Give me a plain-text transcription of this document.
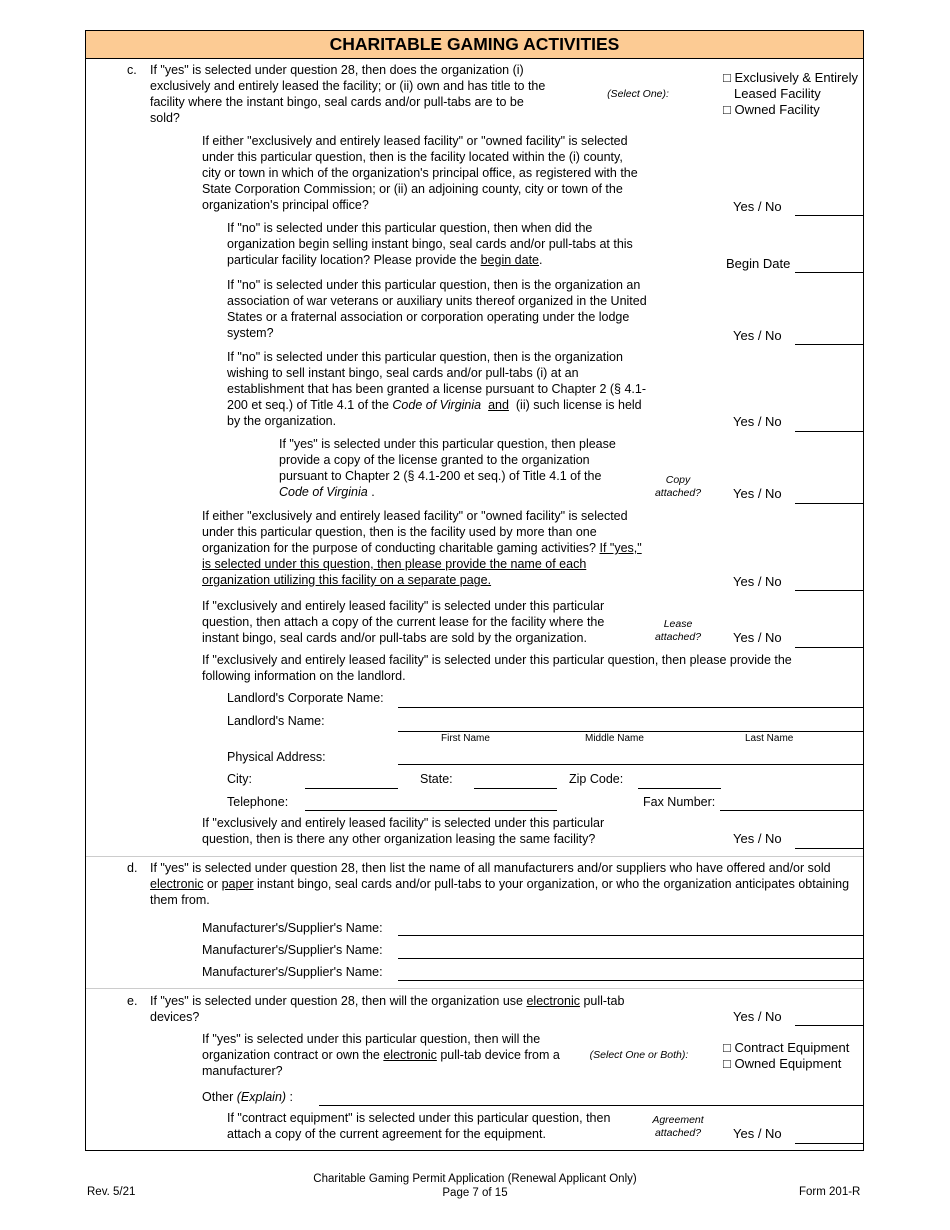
CHARITABLE GAMING ACTIVITIES
c. If "yes" is selected under question 28, then does the organization (i) exclusively and entirely leased the facility; or (ii) own and has title to the facility where the instant bingo, seal cards and/or pull-tabs are to be sold?
(Select One):
□ Exclusively & Entirely
Leased Facility
□ Owned Facility
If either "exclusively and entirely leased facility" or "owned facility" is selected under this particular question, then is the facility located within the (i) county, city or town in which of the organization's principal office, as registered with the State Corporation Commission; or (ii) an adjoining county, city or town of the organization's principal office?	Yes / No
If "no" is selected under this particular question, then when did the organization begin selling instant bingo, seal cards and/or pull-tabs at this particular facility location? Please provide the begin date.	Begin Date
If "no" is selected under this particular question, then is the organization an association of war veterans or auxiliary units thereof organized in the United States or a fraternal association or corporation operating under the lodge system?	Yes / No
If "no" is selected under this particular question, then is the organization wishing to sell instant bingo, seal cards and/or pull-tabs (i) at an establishment that has been granted a license pursuant to Chapter 2 (§ 4.1-200 et seq.) of Title 4.1 of the Code of Virginia and (ii) such license is held by the organization.	Yes / No
If "yes" is selected under this particular question, then please provide a copy of the license granted to the organization pursuant to Chapter 2 (§ 4.1-200 et seq.) of Title 4.1 of the Code of Virginia .
Copy
attached?	Yes / No
If either "exclusively and entirely leased facility" or "owned facility" is selected under this particular question, then is the facility used by more than one organization for the purpose of conducting charitable gaming activities? If "yes," is selected under this question, then please provide the name of each organization utilizing this facility on a separate page.	Yes / No
If "exclusively and entirely leased facility" is selected under this particular question, then attach a copy of the current lease for the facility where the instant bingo, seal cards and/or pull-tabs are sold by the organization.
Lease
attached?	Yes / No
If "exclusively and entirely leased facility" is selected under this particular question, then please provide the following information on the landlord.
Landlord's Corporate Name:
Landlord's Name:
First Name	Middle Name	Last Name
Physical Address:
City:	State:	Zip Code:
Telephone:	Fax Number:
If "exclusively and entirely leased facility" is selected under this particular question, then is there any other organization leasing the same facility?	Yes / No
d. If "yes" is selected under question 28, then list the name of all manufacturers and/or suppliers who have offered and/or sold electronic or paper instant bingo, seal cards and/or pull-tabs to your organization, or who the organization anticipates obtaining them from.
Manufacturer's/Supplier's Name:
Manufacturer's/Supplier's Name:
Manufacturer's/Supplier's Name:
e. If "yes" is selected under question 28, then will the organization use electronic pull-tab devices?	Yes / No
If "yes" is selected under this particular question, then will the organization contract or own the electronic pull-tab device from a manufacturer?
(Select One or Both):	□ Contract Equipment
□ Owned Equipment
Other (Explain) :
If "contract equipment" is selected under this particular question, then attach a copy of the current agreement for the equipment.
Agreement
attached?	Yes / No
Rev. 5/21
Charitable Gaming Permit Application (Renewal Applicant Only)
Page 7 of 15	Form 201-R
